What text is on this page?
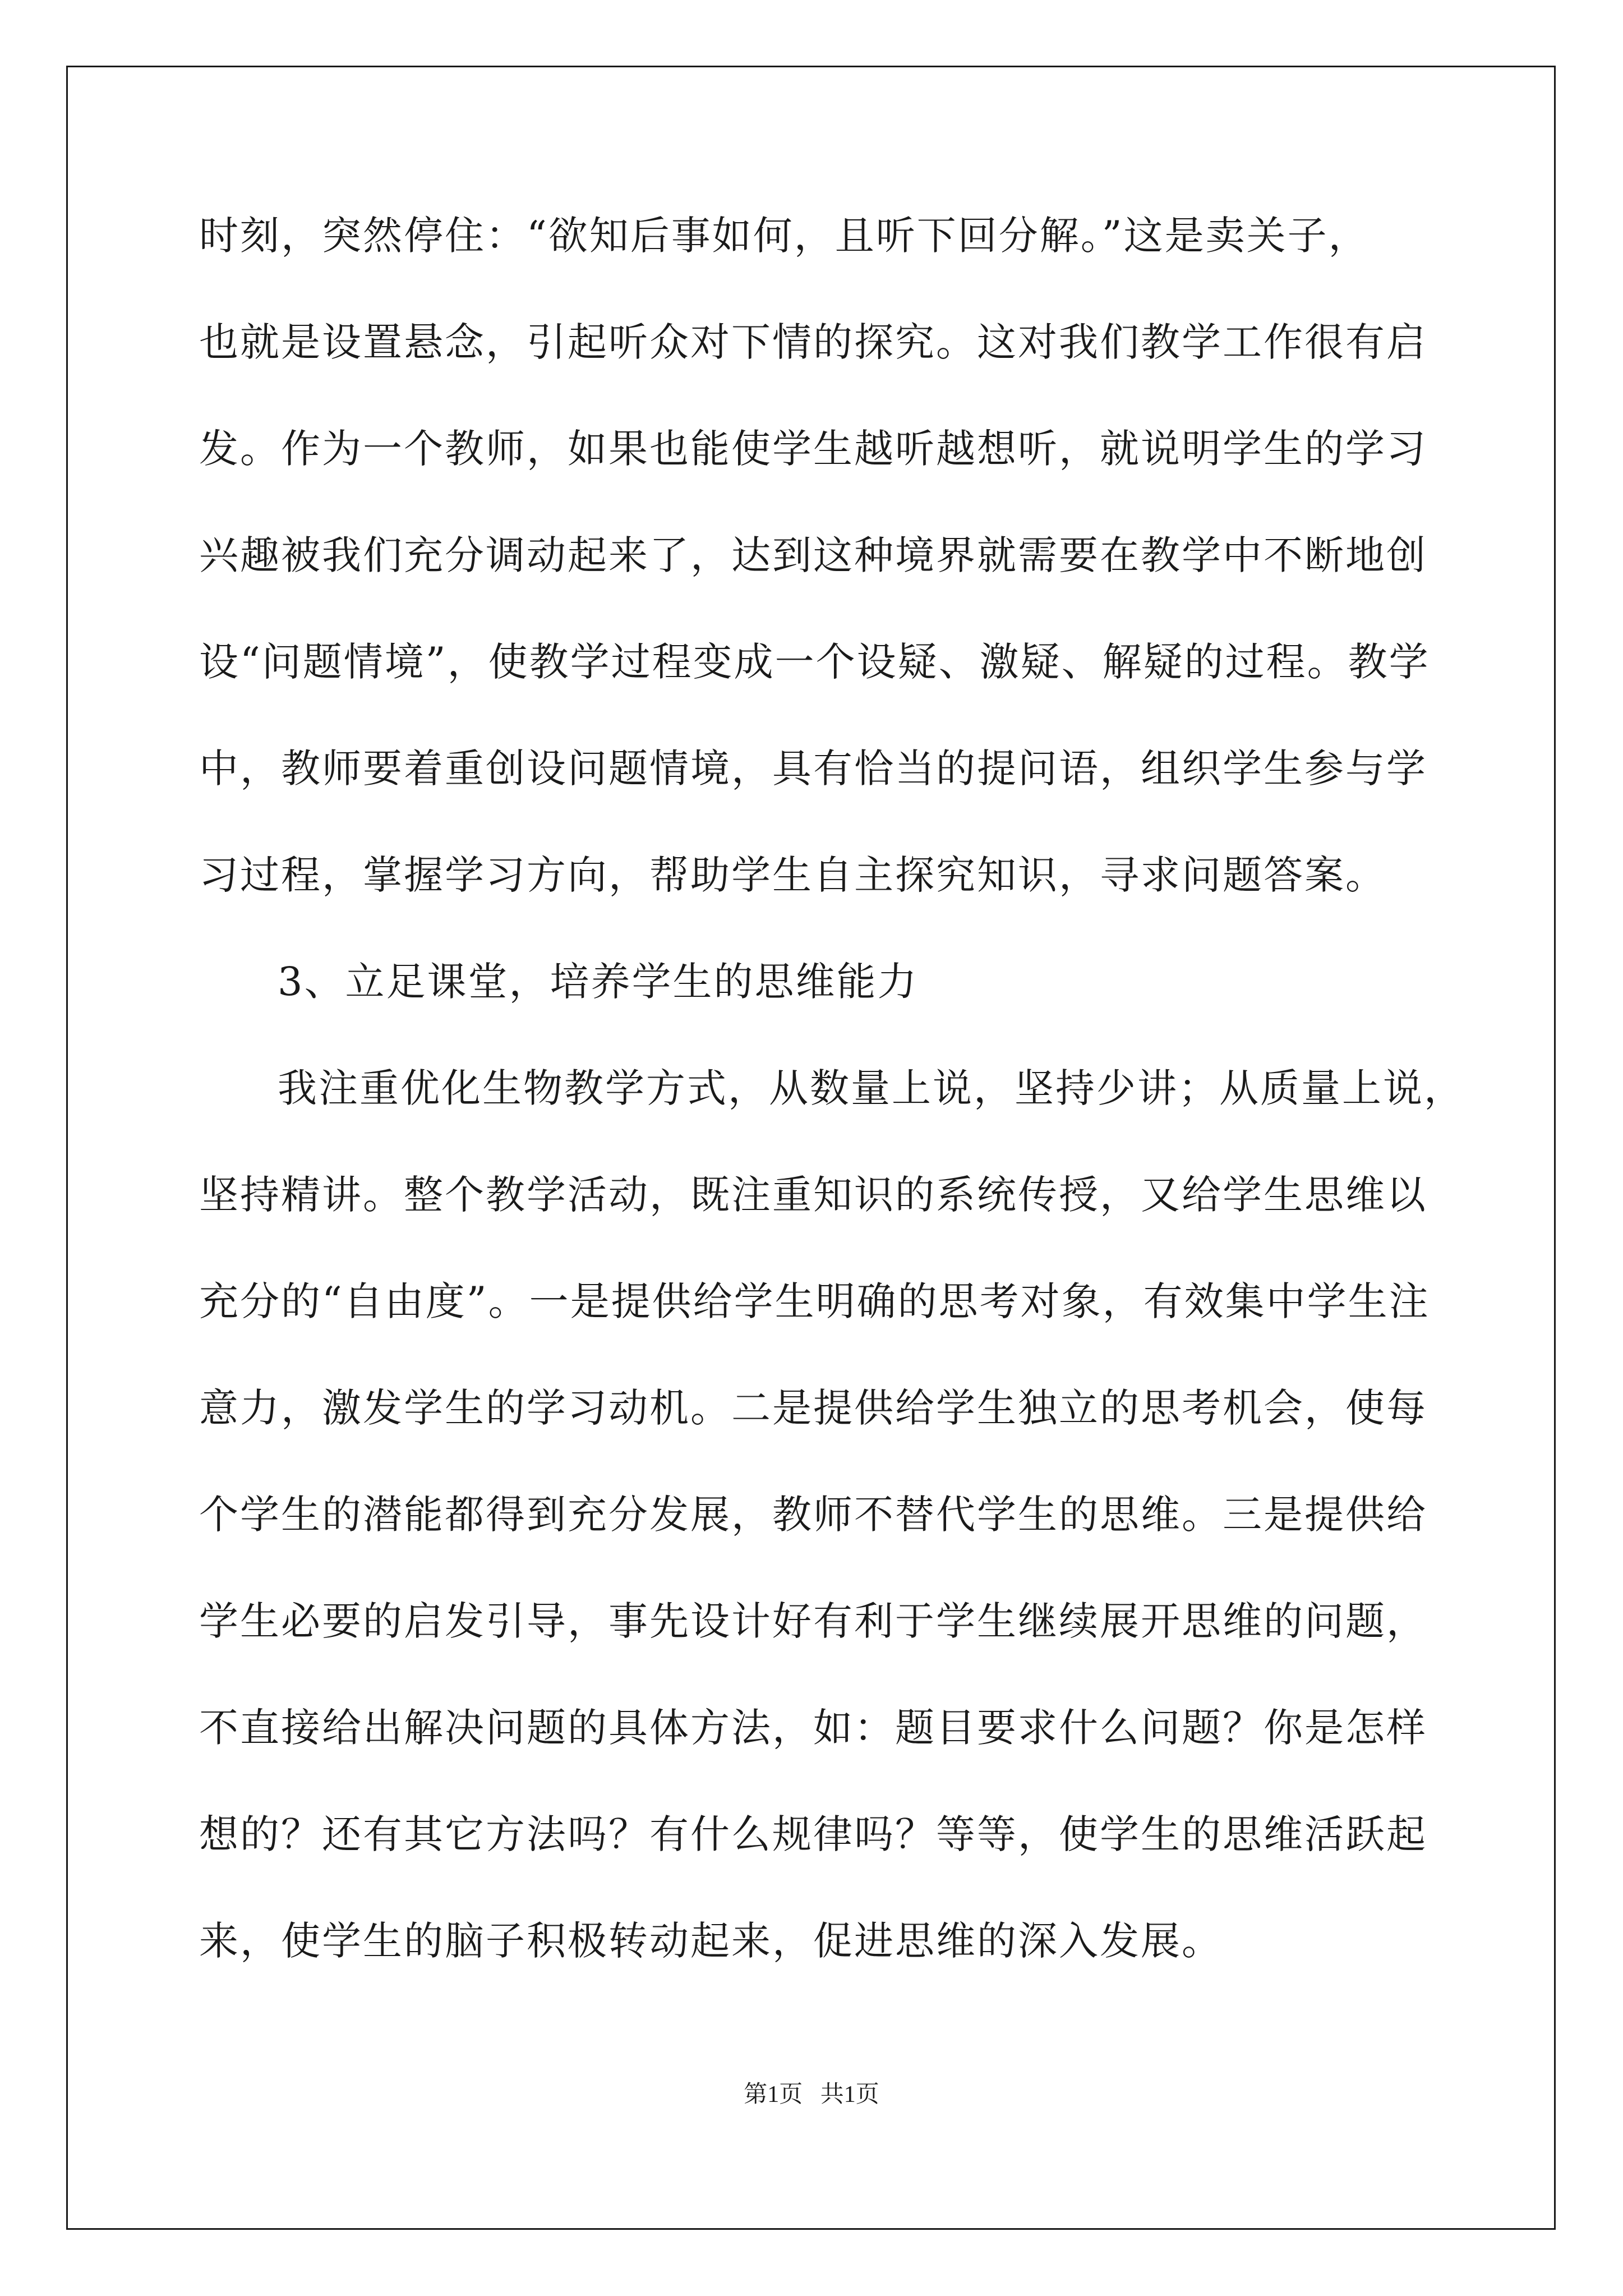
时刻，突然停住：“欲知后事如何，且听下回分解。”这是卖关子，
也就是设置悬念，引起听众对下情的探究。这对我们教学工作很有启
发。作为一个教师，如果也能使学生越听越想听，就说明学生的学习
兴趣被我们充分调动起来了，达到这种境界就需要在教学中不断地创
设“问题情境”，使教学过程变成一个设疑、激疑、解疑的过程。教学
中，教师要着重创设问题情境，具有恰当的提问语，组织学生参与学
习过程，掌握学习方向，帮助学生自主探究知识，寻求问题答案。
3、立足课堂，培养学生的思维能力
我注重优化生物教学方式，从数量上说，坚持少讲；从质量上说，
坚持精讲。整个教学活动，既注重知识的系统传授，又给学生思维以
充分的“自由度”。一是提供给学生明确的思考对象，有效集中学生注
意力，激发学生的学习动机。二是提供给学生独立的思考机会，使每
个学生的潜能都得到充分发展，教师不替代学生的思维。三是提供给
学生必要的启发引导，事先设计好有利于学生继续展开思维的问题，
不直接给出解决问题的具体方法，如：题目要求什么问题？你是怎样
想的？还有其它方法吗？有什么规律吗？等等，使学生的思维活跃起
来，使学生的脑子积极转动起来，促进思维的深入发展。
第1页   共1页
